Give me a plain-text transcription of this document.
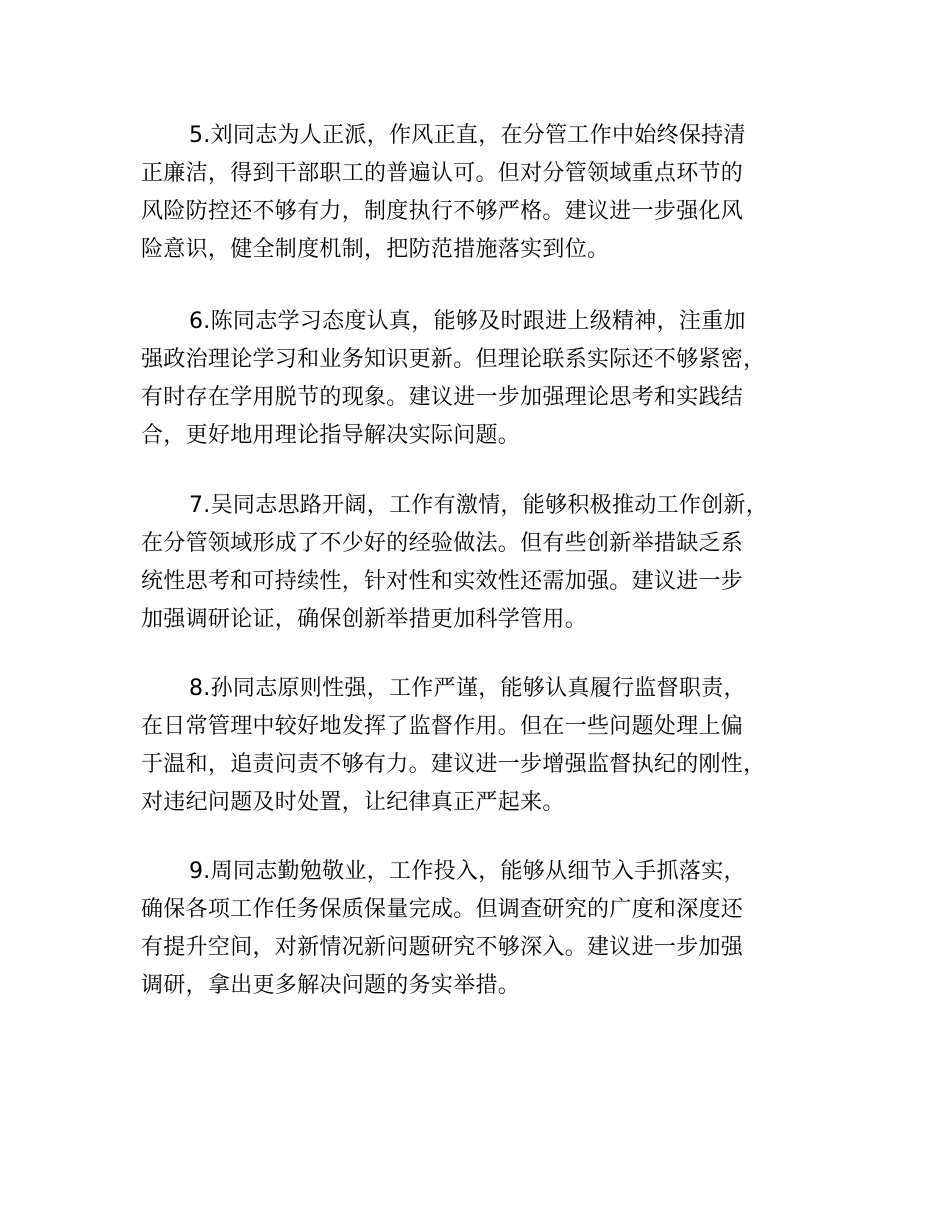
5.刘同志为人正派，作风正直，在分管工作中始终保持清
正廉洁，得到干部职工的普遍认可。但对分管领域重点环节的
风险防控还不够有力，制度执行不够严格。建议进一步强化风
险意识，健全制度机制，把防范措施落实到位。
6.陈同志学习态度认真，能够及时跟进上级精神，注重加
强政治理论学习和业务知识更新。但理论联系实际还不够紧密，
有时存在学用脱节的现象。建议进一步加强理论思考和实践结
合，更好地用理论指导解决实际问题。
7.吴同志思路开阔，工作有激情，能够积极推动工作创新，
在分管领域形成了不少好的经验做法。但有些创新举措缺乏系
统性思考和可持续性，针对性和实效性还需加强。建议进一步
加强调研论证，确保创新举措更加科学管用。
8.孙同志原则性强，工作严谨，能够认真履行监督职责，
在日常管理中较好地发挥了监督作用。但在一些问题处理上偏
于温和，追责问责不够有力。建议进一步增强监督执纪的刚性，
对违纪问题及时处置，让纪律真正严起来。
9.周同志勤勉敬业，工作投入，能够从细节入手抓落实，
确保各项工作任务保质保量完成。但调查研究的广度和深度还
有提升空间，对新情况新问题研究不够深入。建议进一步加强
调研，拿出更多解决问题的务实举措。
